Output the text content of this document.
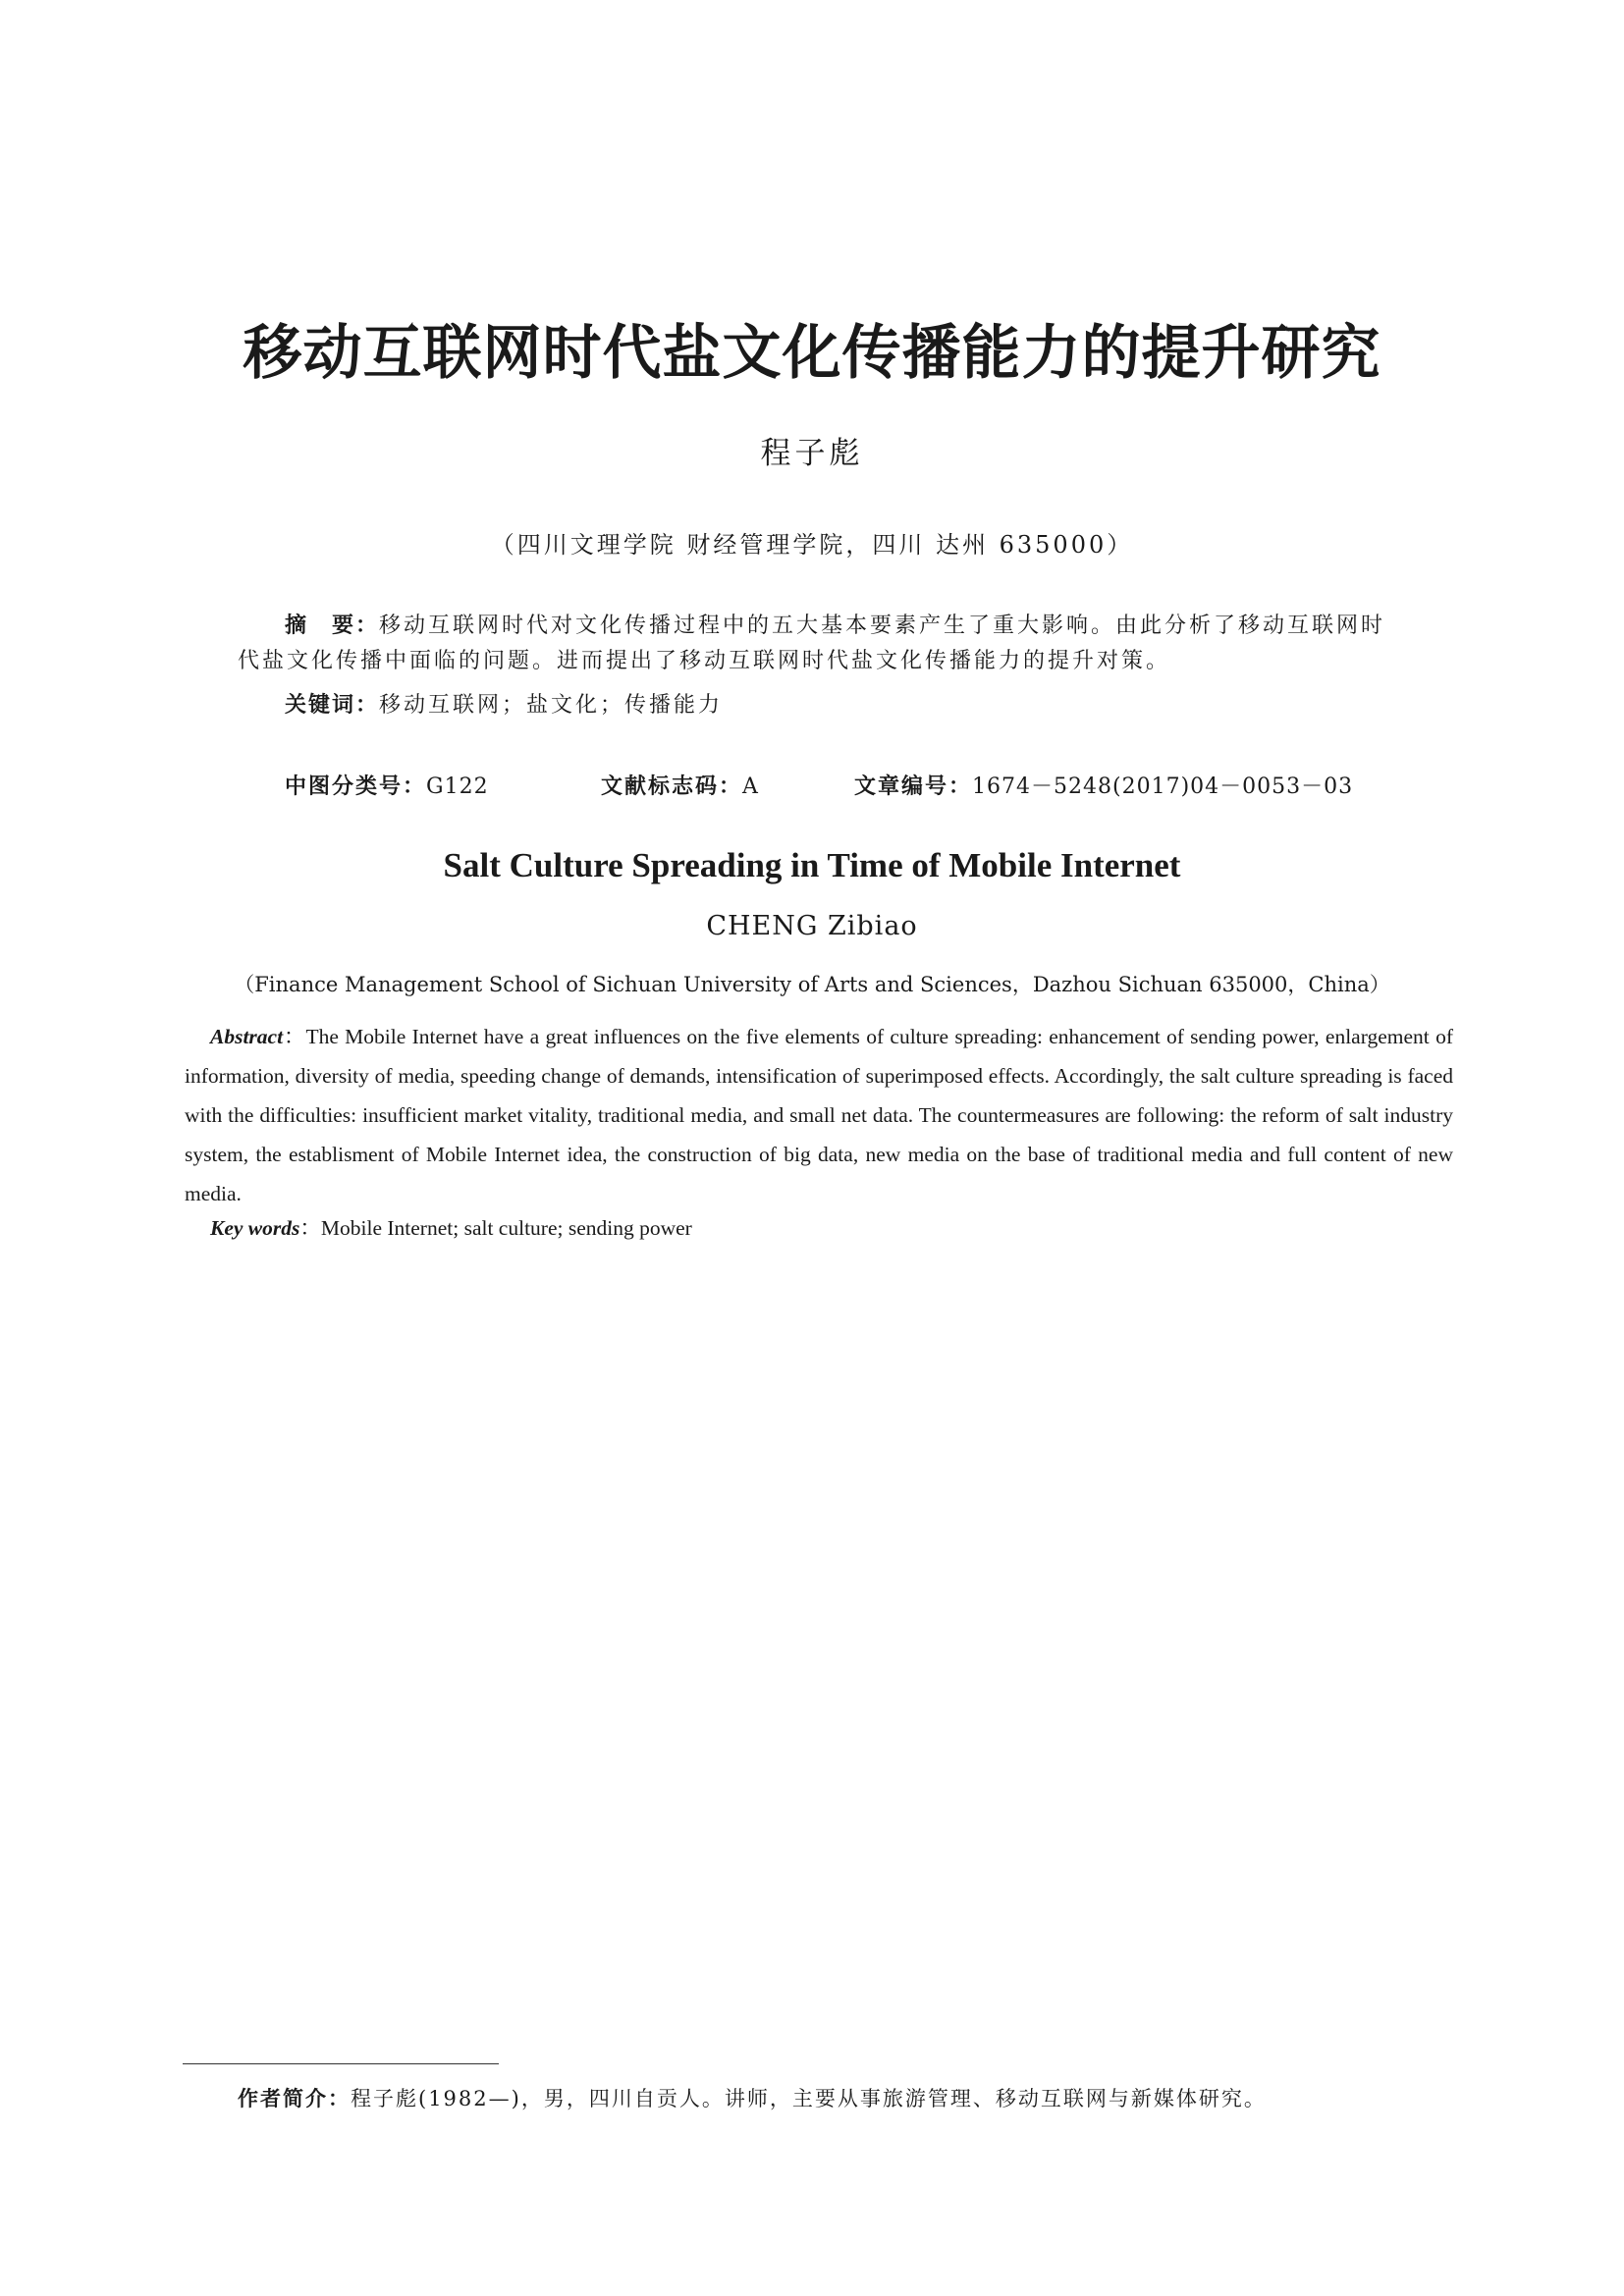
移动互联网时代盐文化传播能力的提升研究
程子彪
（四川文理学院 财经管理学院，四川 达州 635000）
摘　要：移动互联网时代对文化传播过程中的五大基本要素产生了重大影响。由此分析了移动互联网时代盐文化传播中面临的问题。进而提出了移动互联网时代盐文化传播能力的提升对策。
关键词：移动互联网；盐文化；传播能力
中图分类号：G122	文献标志码：A	文章编号：1674－5248(2017)04－0053－03
Salt Culture Spreading in Time of Mobile Internet
CHENG Zibiao
（Finance Management School of Sichuan University of Arts and Sciences，Dazhou Sichuan 635000，China）
Abstract：The Mobile Internet have a great influences on the five elements of culture spreading: enhancement of sending power, enlargement of information, diversity of media, speeding change of demands, intensification of superimposed effects. Accordingly, the salt culture spreading is faced with the difficulties: insufficient market vitality, traditional media, and small net data. The countermeasures are following: the reform of salt industry system, the establisment of Mobile Internet idea, the construction of big data, new media on the base of traditional media and full content of new media.
Key words：Mobile Internet; salt culture; sending power
作者简介：程子彪(1982—)，男，四川自贡人。讲师，主要从事旅游管理、移动互联网与新媒体研究。
